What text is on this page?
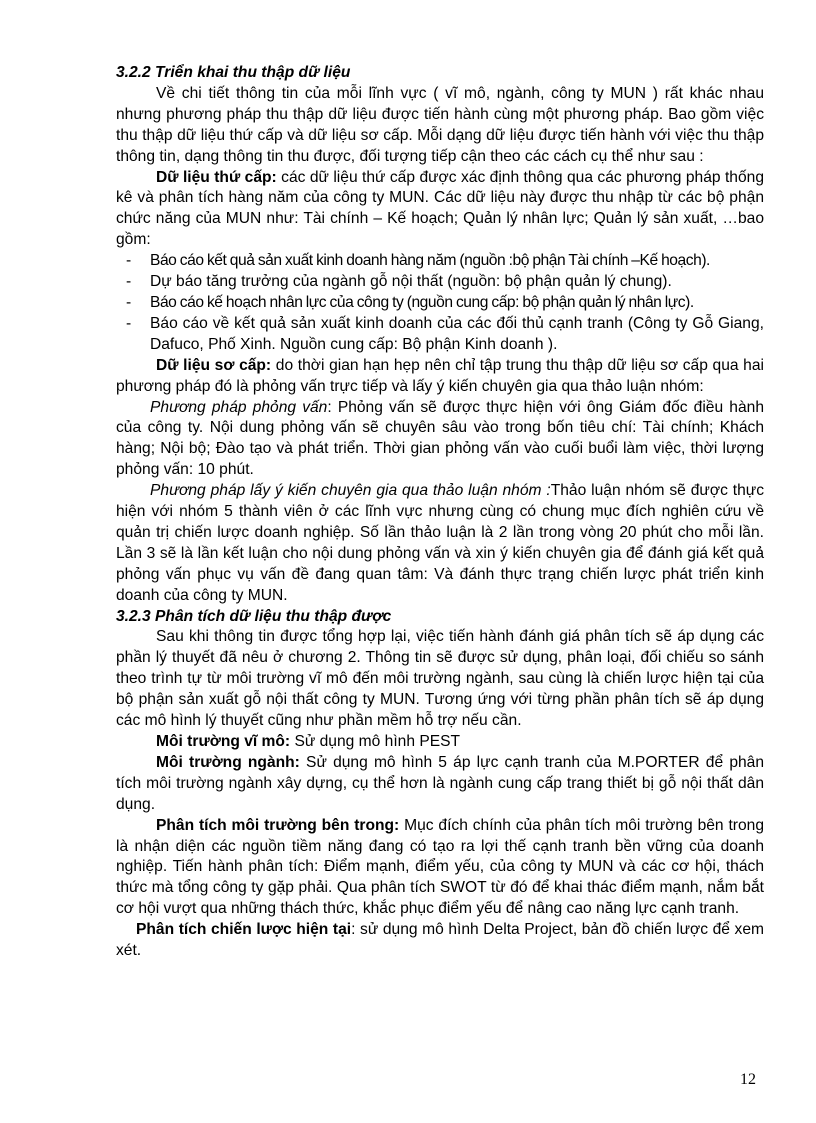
3.2.2 Triển khai thu thập dữ liệu

Về chi tiết thông tin của mỗi lĩnh vực ( vĩ mô, ngành, công ty MUN ) rất khác nhau nhưng phương pháp thu thập dữ liệu được tiến hành cùng một phương pháp. Bao gồm việc thu thập dữ liệu thứ cấp và dữ liệu sơ cấp. Mỗi dạng dữ liệu được tiến hành với việc thu thập thông tin, dạng thông tin thu được, đối tượng tiếp cận theo các cách cụ thể như sau :

Dữ liệu thứ cấp: các dữ liệu thứ cấp được xác định thông qua các phương pháp thống kê và phân tích hàng năm của công ty MUN. Các dữ liệu này được thu nhập từ các bộ phận chức năng của MUN như: Tài chính – Kế hoạch; Quản lý nhân lực; Quản lý sản xuất, …bao gồm:

- Báo cáo kết quả sản xuất kinh doanh hàng năm (nguồn :bộ phận Tài chính –Kế hoạch).
- Dự báo tăng trưởng của ngành gỗ nội thất (nguồn: bộ phận quản lý chung).
- Báo cáo kế hoạch nhân lực của công ty (nguồn cung cấp: bộ phận quản lý nhân lực).
- Báo cáo về kết quả sản xuất kinh doanh của các đối thủ cạnh tranh (Công ty Gỗ Giang, Dafuco, Phố Xinh. Nguồn cung cấp: Bộ phận Kinh doanh ).

Dữ liệu sơ cấp: do thời gian hạn hẹp nên chỉ tập trung thu thập dữ liệu sơ cấp qua hai phương pháp đó là phỏng vấn trực tiếp và lấy ý kiến chuyên gia qua thảo luận nhóm:

Phương pháp phỏng vấn: Phỏng vấn sẽ được thực hiện với ông Giám đốc điều hành của công ty. Nội dung phỏng vấn sẽ chuyên sâu vào trong bốn tiêu chí: Tài chính; Khách hàng; Nội bộ; Đào tạo và phát triển. Thời gian phỏng vấn vào cuối buổi làm việc, thời lượng phỏng vấn: 10 phút.

Phương pháp lấy ý kiến chuyên gia qua thảo luận nhóm :Thảo luận nhóm sẽ được thực hiện với nhóm 5 thành viên ở các lĩnh vực nhưng cùng có chung mục đích nghiên cứu về quản trị chiến lược doanh nghiệp. Số lần thảo luận là 2 lần trong vòng 20 phút cho mỗi lần. Lần 3 sẽ là lần kết luận cho nội dung phỏng vấn và xin ý kiến chuyên gia để đánh giá kết quả phỏng vấn phục vụ vấn đề đang quan tâm: Và đánh thực trạng chiến lược phát triển kinh doanh của công ty MUN.

3.2.3 Phân tích dữ liệu thu thập được

Sau khi thông tin được tổng hợp lại, việc tiến hành đánh giá phân tích sẽ áp dụng các phần lý thuyết đã nêu ở chương 2. Thông tin sẽ được sử dụng, phân loại, đối chiếu so sánh theo trình tự từ môi trường vĩ mô đến môi trường ngành, sau cùng là chiến lược hiện tại của bộ phận sản xuất gỗ nội thất công ty MUN. Tương ứng với từng phần phân tích sẽ áp dụng các mô hình lý thuyết cũng như phần mềm hỗ trợ nếu cần.

Môi trường vĩ mô: Sử dụng mô hình PEST

Môi trường ngành: Sử dụng mô hình 5 áp lực cạnh tranh của M.PORTER để phân tích môi trường ngành xây dựng, cụ thể hơn là ngành cung cấp trang thiết bị gỗ nội thất dân dụng.

Phân tích môi trường bên trong: Mục đích chính của phân tích môi trường bên trong là nhận diện các nguồn tiềm năng đang có tạo ra lợi thế cạnh tranh bền vững của doanh nghiệp. Tiến hành phân tích: Điểm mạnh, điểm yếu, của công ty MUN và các cơ hội, thách thức mà tổng công ty gặp phải. Qua phân tích SWOT từ đó để khai thác điểm mạnh, nắm bắt cơ hội vượt qua những thách thức, khắc phục điểm yếu để nâng cao năng lực cạnh tranh.

Phân tích chiến lược hiện tại: sử dụng mô hình Delta Project, bản đồ chiến lược để xem xét.

12
